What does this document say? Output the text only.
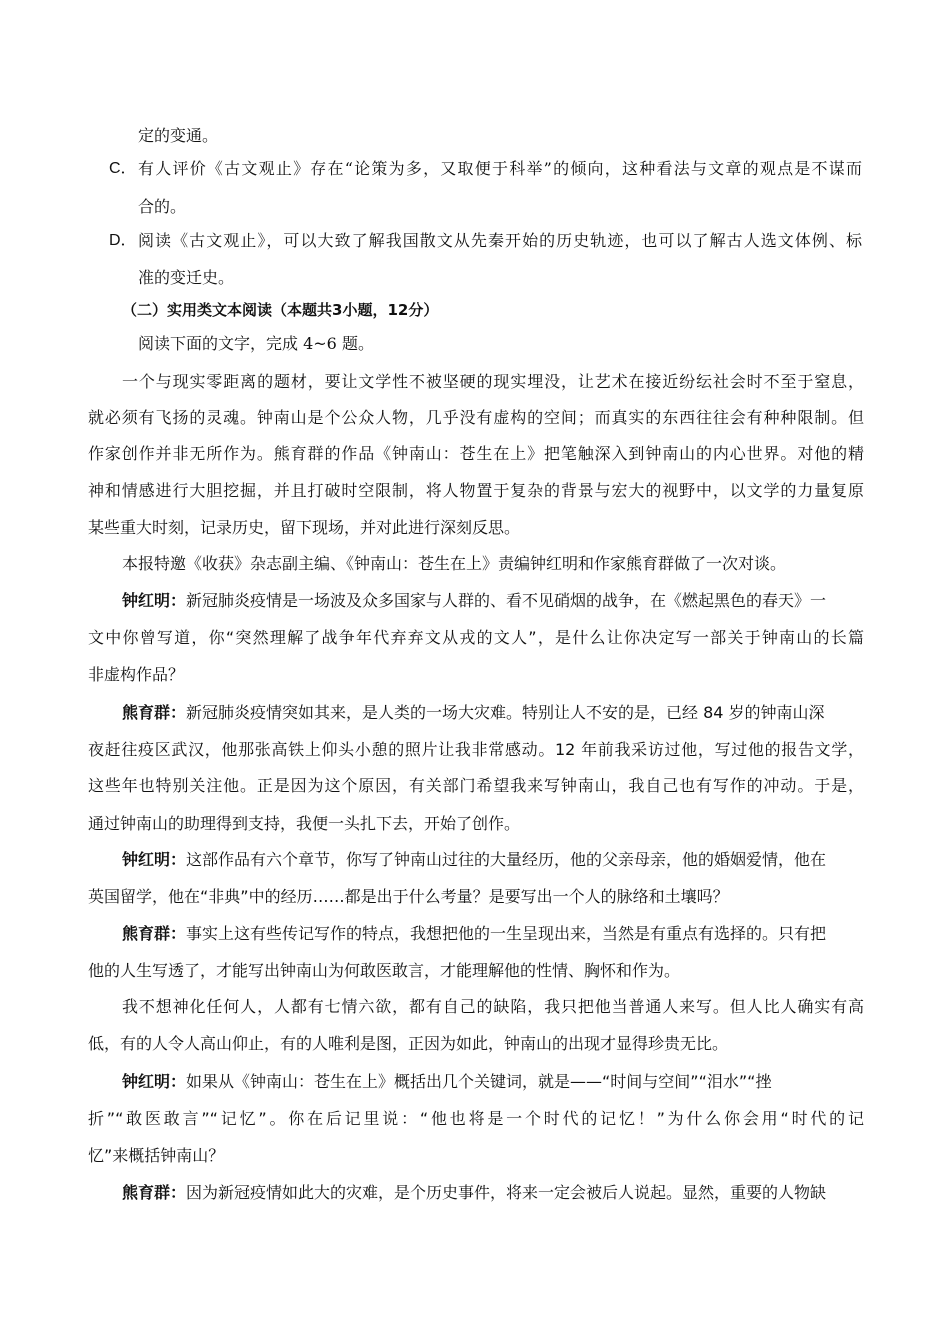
定的变通。
C． 有人评价《古文观止》存在“论策为多，又取便于科举”的倾向，这种看法与文章的观点是不谋而
合的。
D． 阅读《古文观止》，可以大致了解我国散文从先秦开始的历史轨迹，也可以了解古人选文体例、标
准的变迁史。
（二）实用类文本阅读（本题共3小题，12分）
阅读下面的文字，完成 4~6 题。
一个与现实零距离的题材，要让文学性不被坚硬的现实埋没，让艺术在接近纷纭社会时不至于窒息，
就必须有飞扬的灵魂。钟南山是个公众人物，几乎没有虚构的空间；而真实的东西往往会有种种限制。但
作家创作并非无所作为。熊育群的作品《钟南山：苍生在上》把笔触深入到钟南山的内心世界。对他的精
神和情感进行大胆挖掘，并且打破时空限制，将人物置于复杂的背景与宏大的视野中，以文学的力量复原
某些重大时刻，记录历史，留下现场，并对此进行深刻反思。
本报特邀《收获》杂志副主编、《钟南山：苍生在上》责编钟红明和作家熊育群做了一次对谈。
钟红明：新冠肺炎疫情是一场波及众多国家与人群的、看不见硝烟的战争，在《燃起黑色的春天》一
文中你曾写道，你“突然理解了战争年代弃弃文从戎的文人”，是什么让你决定写一部关于钟南山的长篇
非虚构作品？
熊育群：新冠肺炎疫情突如其来，是人类的一场大灾难。特别让人不安的是，已经 84 岁的钟南山深
夜赶往疫区武汉，他那张高铁上仰头小憩的照片让我非常感动。12 年前我采访过他，写过他的报告文学，
这些年也特别关注他。正是因为这个原因，有关部门希望我来写钟南山，我自己也有写作的冲动。于是，
通过钟南山的助理得到支持，我便一头扎下去，开始了创作。
钟红明：这部作品有六个章节，你写了钟南山过往的大量经历，他的父亲母亲，他的婚姻爱情，他在
英国留学，他在“非典”中的经历……都是出于什么考量？是要写出一个人的脉络和土壤吗？
熊育群：事实上这有些传记写作的特点，我想把他的一生呈现出来，当然是有重点有选择的。只有把
他的人生写透了，才能写出钟南山为何敢医敢言，才能理解他的性情、胸怀和作为。
我不想神化任何人，人都有七情六欲，都有自己的缺陷，我只把他当普通人来写。但人比人确实有高
低，有的人令人高山仰止，有的人唯利是图，正因为如此，钟南山的出现才显得珍贵无比。
钟红明：如果从《钟南山：苍生在上》概括出几个关键词，就是——“时间与空间”“泪水”“挫
折”“敢医敢言”“记忆”。你在后记里说：“他也将是一个时代的记忆！”为什么你会用“时代的记
忆”来概括钟南山？
熊育群：因为新冠疫情如此大的灾难，是个历史事件，将来一定会被后人说起。显然，重要的人物缺
